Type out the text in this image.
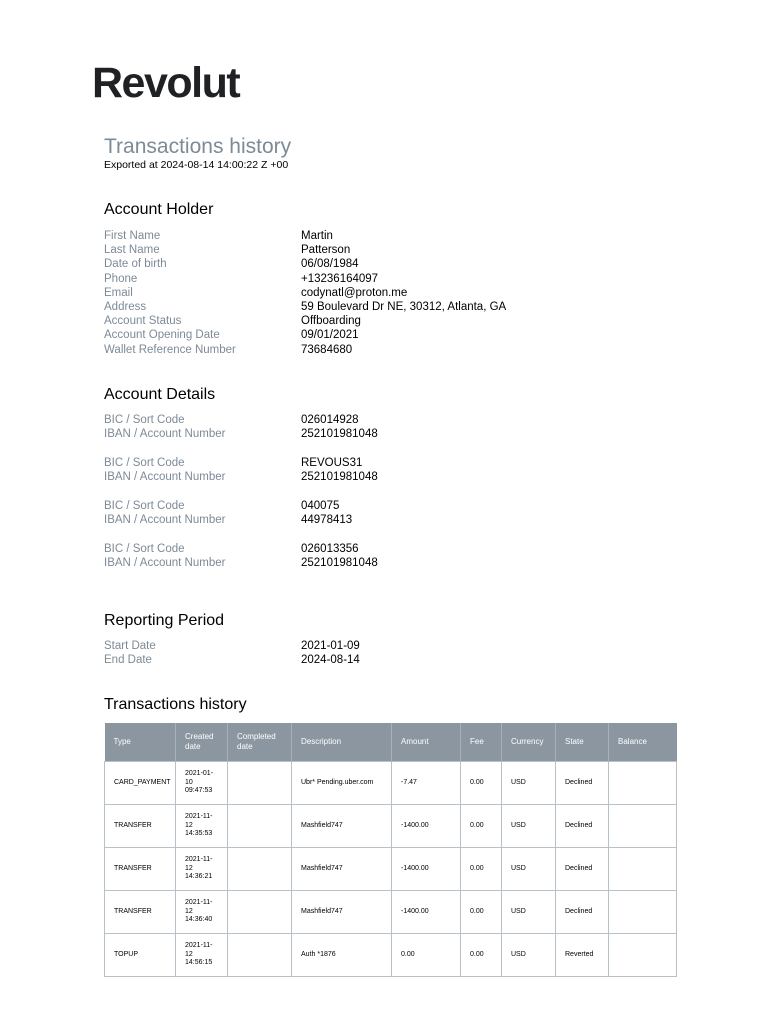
Revolut
Transactions history
Exported at 2024-08-14 14:00:22 Z +00
Account Holder
First Name	Martin
Last Name	Patterson
Date of birth	06/08/1984
Phone	+13236164097
Email	codynatl@proton.me
Address	59 Boulevard Dr NE, 30312, Atlanta, GA
Account Status	Offboarding
Account Opening Date	09/01/2021
Wallet Reference Number	73684680
Account Details
BIC / Sort Code	026014928
IBAN / Account Number	252101981048
BIC / Sort Code	REVOUS31
IBAN / Account Number	252101981048
BIC / Sort Code	040075
IBAN / Account Number	44978413
BIC / Sort Code	026013356
IBAN / Account Number	252101981048
Reporting Period
Start Date	2021-01-09
End Date	2024-08-14
Transactions history
Type	Created date	Completed date	Description	Amount	Fee	Currency	State	Balance
CARD_PAYMENT	2021-01-10 09:47:53		Ubr* Pending.uber.com	-7.47	0.00	USD	Declined	
TRANSFER	2021-11-12 14:35:53		Mashfield747	-1400.00	0.00	USD	Declined	
TRANSFER	2021-11-12 14:36:21		Mashfield747	-1400.00	0.00	USD	Declined	
TRANSFER	2021-11-12 14:36:40		Mashfield747	-1400.00	0.00	USD	Declined	
TOPUP	2021-11-12 14:56:15		Auth *1876	0.00	0.00	USD	Reverted	
